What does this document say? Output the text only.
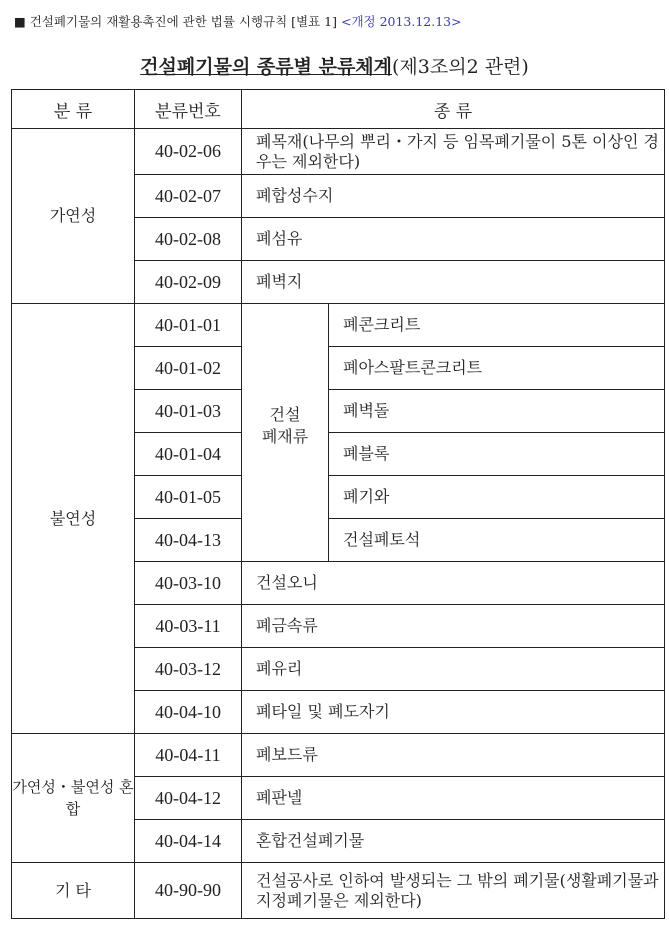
■ 건설폐기물의 재활용촉진에 관한 법률 시행규칙 [별표 1] <개정 2013.12.13>
건설폐기물의 종류별 분류체계(제3조의2 관련)
분 류	분류번호	종 류	
가연성	40-02-06	폐목재(나무의 뿌리・가지 등 임목폐기물이 5톤 이상인 경우는 제외한다)	
	40-02-07	폐합성수지	
	40-02-08	폐섬유	
	40-02-09	폐벽지	
불연성	40-01-01	건설 폐재류	폐콘크리트
	40-01-02		폐아스팔트콘크리트
	40-01-03		폐벽돌
	40-01-04		폐블록
	40-01-05		폐기와
	40-04-13		건설폐토석
	40-03-10	건설오니	
	40-03-11	폐금속류	
	40-03-12	폐유리	
	40-04-10	폐타일 및 폐도자기	
가연성・불연성 혼합	40-04-11	폐보드류	
	40-04-12	폐판넬	
	40-04-14	혼합건설폐기물	
기 타	40-90-90	건설공사로 인하여 발생되는 그 밖의 폐기물(생활폐기물과 지정폐기물은 제외한다)	
